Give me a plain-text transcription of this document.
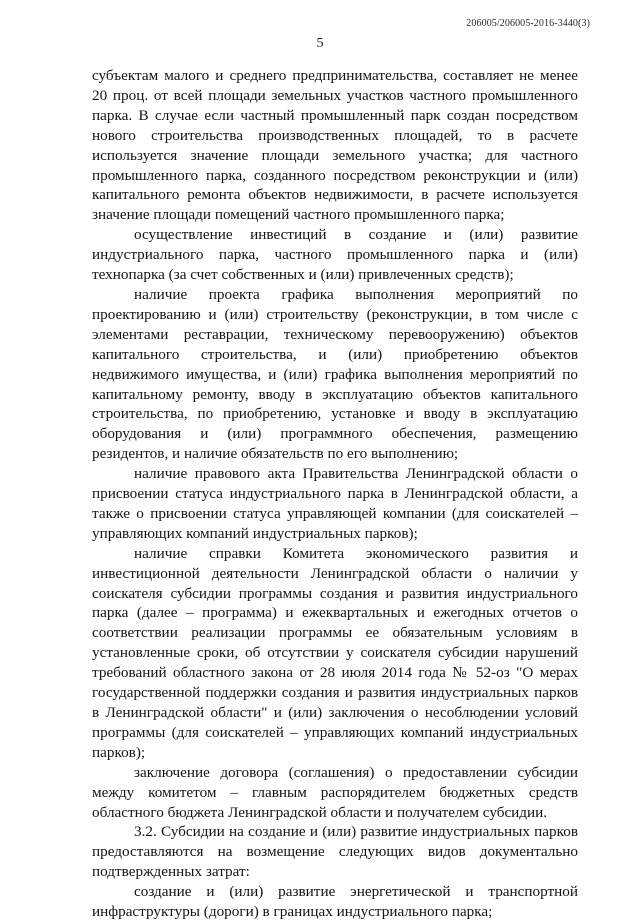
206005/206005-2016-3440(3)
5

субъектам малого и среднего предпринимательства, составляет не менее 20 проц. от всей площади земельных участков частного промышленного парка. В случае если частный промышленный парк создан посредством нового строительства производственных площадей, то в расчете используется значение площади земельного участка; для частного промышленного парка, созданного посредством реконструкции и (или) капитального ремонта объектов недвижимости, в расчете используется значение площади помещений частного промышленного парка;

осуществление инвестиций в создание и (или) развитие индустриального парка, частного промышленного парка и (или) технопарка (за счет собственных и (или) привлеченных средств);

наличие проекта графика выполнения мероприятий по проектированию и (или) строительству (реконструкции, в том числе с элементами реставрации, техническому перевооружению) объектов капитального строительства, и (или) приобретению объектов недвижимого имущества, и (или) графика выполнения мероприятий по капитальному ремонту, вводу в эксплуатацию объектов капитального строительства, по приобретению, установке и вводу в эксплуатацию оборудования и (или) программного обеспечения, размещению резидентов, и наличие обязательств по его выполнению;

наличие правового акта Правительства Ленинградской области о присвоении статуса индустриального парка в Ленинградской области, а также о присвоении статуса управляющей компании (для соискателей – управляющих компаний индустриальных парков);

наличие справки Комитета экономического развития и инвестиционной деятельности Ленинградской области о наличии у соискателя субсидии программы создания и развития индустриального парка (далее – программа) и ежеквартальных и ежегодных отчетов о соответствии реализации программы ее обязательным условиям в установленные сроки, об отсутствии у соискателя субсидии нарушений требований областного закона от 28 июля 2014 года № 52-оз "О мерах государственной поддержки создания и развития индустриальных парков в Ленинградской области" и (или) заключения о несоблюдении условий программы (для соискателей – управляющих компаний индустриальных парков);

заключение договора (соглашения) о предоставлении субсидии между комитетом – главным распорядителем бюджетных средств областного бюджета Ленинградской области и получателем субсидии.

3.2. Субсидии на создание и (или) развитие индустриальных парков предоставляются на возмещение следующих видов документально подтвержденных затрат:

создание и (или) развитие энергетической и транспортной инфраструктуры (дороги) в границах индустриального парка;
